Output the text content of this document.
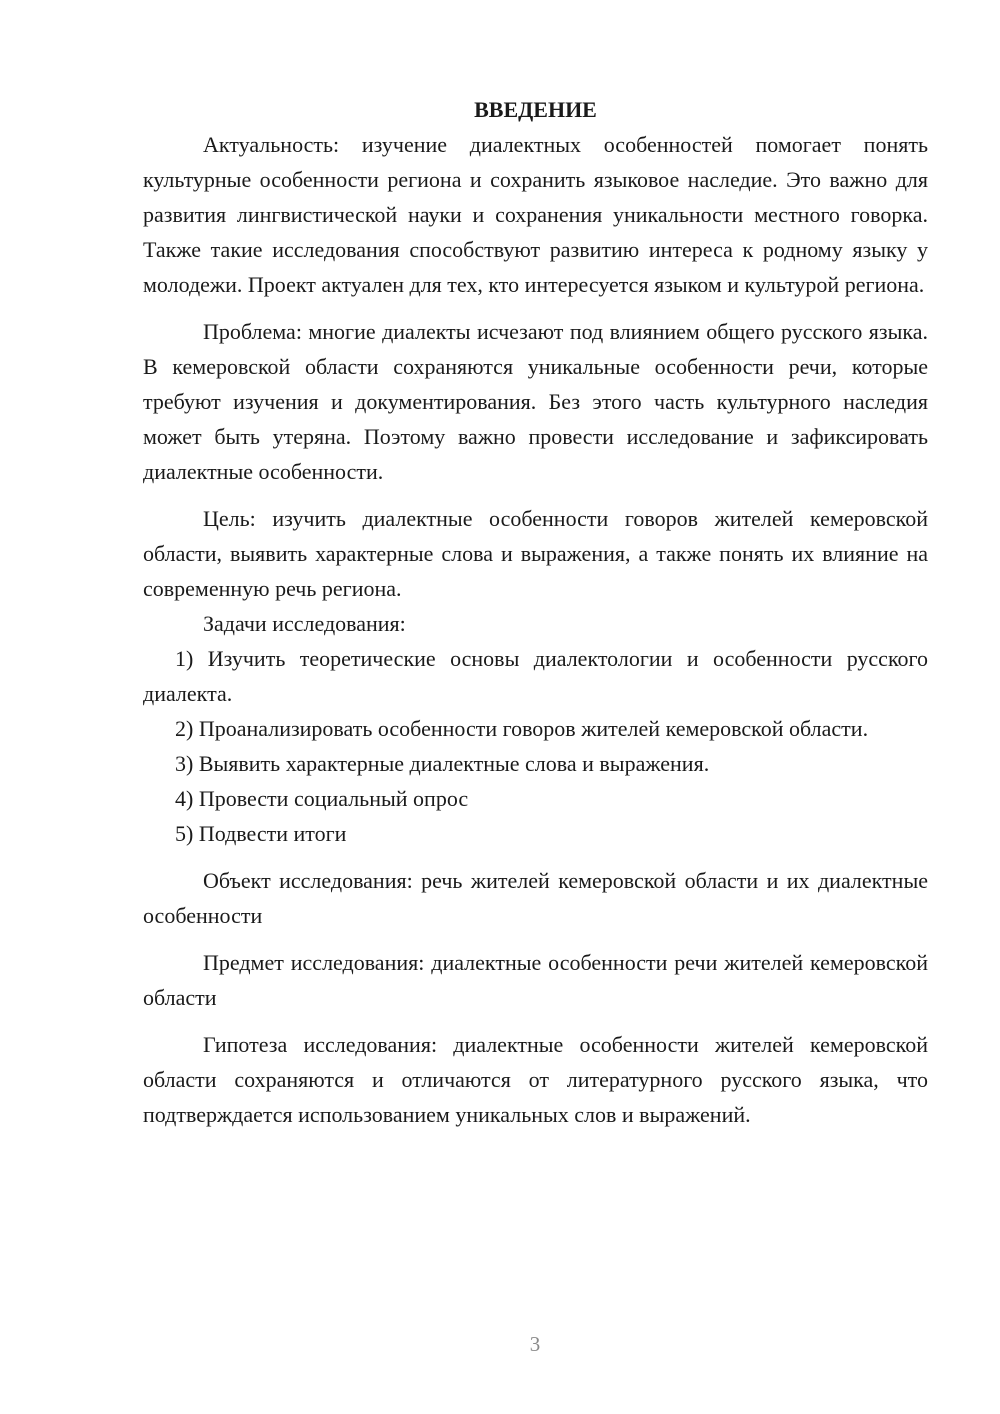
ВВЕДЕНИЕ

Актуальность: изучение диалектных особенностей помогает понять культурные особенности региона и сохранить языковое наследие. Это важно для развития лингвистической науки и сохранения уникальности местного говорка. Также такие исследования способствуют развитию интереса к родному языку у молодежи. Проект актуален для тех, кто интересуется языком и культурой региона.

Проблема: многие диалекты исчезают под влиянием общего русского языка. В кемеровской области сохраняются уникальные особенности речи, которые требуют изучения и документирования. Без этого часть культурного наследия может быть утеряна. Поэтому важно провести исследование и зафиксировать диалектные особенности.

Цель: изучить диалектные особенности говоров жителей кемеровской области, выявить характерные слова и выражения, а также понять их влияние на современную речь региона.

Задачи исследования:
1) Изучить теоретические основы диалектологии и особенности русского диалекта.
2) Проанализировать особенности говоров жителей кемеровской области.
3) Выявить характерные диалектные слова и выражения.
4) Провести социальный опрос
5) Подвести итоги

Объект исследования: речь жителей кемеровской области и их диалектные особенности

Предмет исследования: диалектные особенности речи жителей кемеровской области

Гипотеза исследования: диалектные особенности жителей кемеровской области сохраняются и отличаются от литературного русского языка, что подтверждается использованием уникальных слов и выражений.

3
